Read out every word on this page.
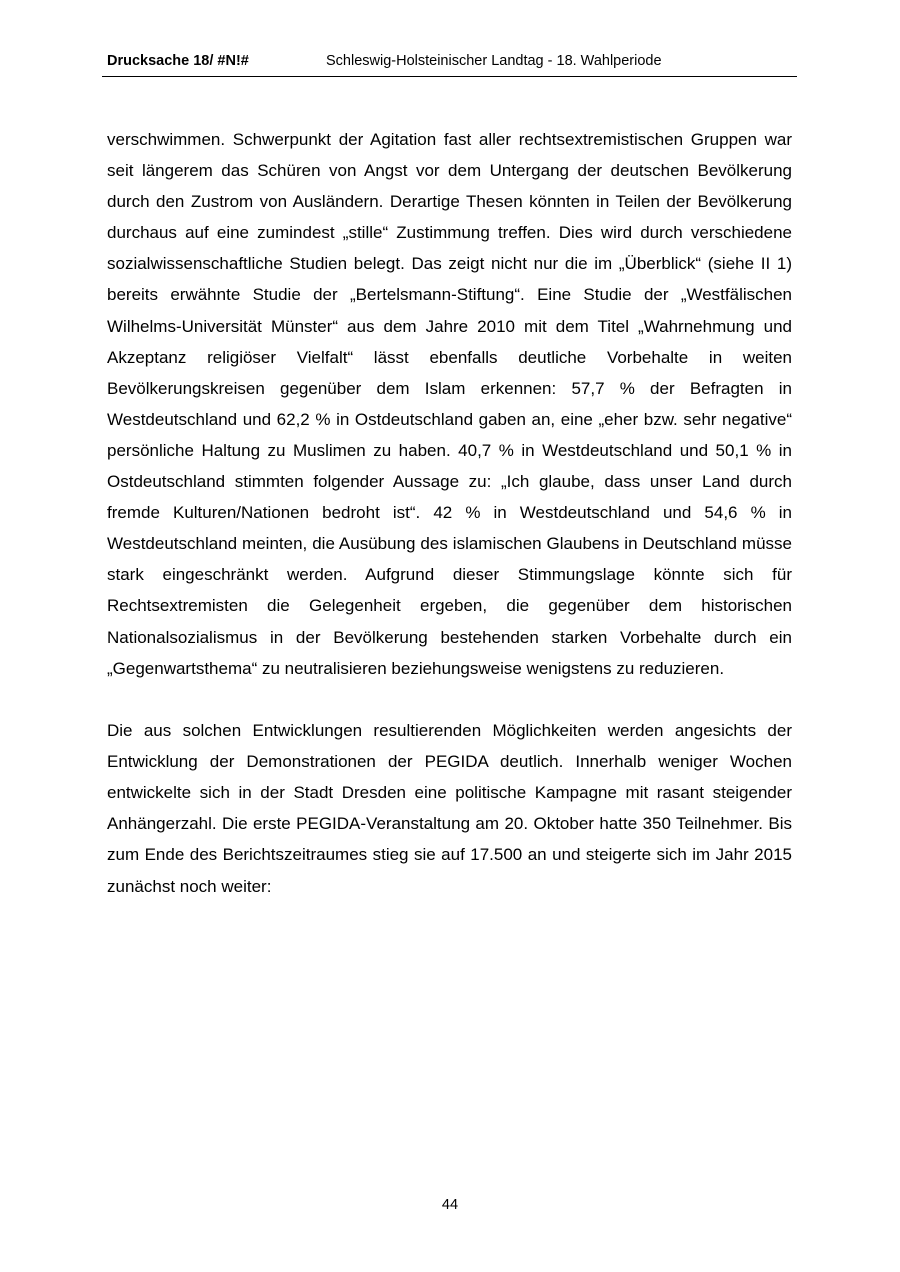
Drucksache 18/ #N!#	Schleswig-Holsteinischer Landtag - 18. Wahlperiode

verschwimmen. Schwerpunkt der Agitation fast aller rechtsextremistischen Gruppen war seit längerem das Schüren von Angst vor dem Untergang der deutschen Bevölkerung durch den Zustrom von Ausländern. Derartige Thesen könnten in Teilen der Bevölkerung durchaus auf eine zumindest „stille“ Zustimmung treffen. Dies wird durch verschiedene sozialwissenschaftliche Studien belegt. Das zeigt nicht nur die im „Überblick“ (siehe II 1) bereits erwähnte Studie der „Bertelsmann-Stiftung“. Eine Studie der „Westfälischen Wilhelms-Universität Münster“ aus dem Jahre 2010 mit dem Titel „Wahrnehmung und Akzeptanz religiöser Vielfalt“ lässt ebenfalls deutliche Vorbehalte in weiten Bevölkerungskreisen gegenüber dem Islam erkennen: 57,7 % der Befragten in Westdeutschland und 62,2 % in Ostdeutschland gaben an, eine „eher bzw. sehr negative“ persönliche Haltung zu Muslimen zu haben. 40,7 % in Westdeutschland und 50,1 % in Ostdeutschland stimmten folgender Aussage zu: „Ich glaube, dass unser Land durch fremde Kulturen/Nationen bedroht ist“. 42 % in Westdeutschland und 54,6 % in Westdeutschland meinten, die Ausübung des islamischen Glaubens in Deutschland müsse stark eingeschränkt werden. Aufgrund dieser Stimmungslage könnte sich für Rechtsextremisten die Gelegenheit ergeben, die gegenüber dem historischen Nationalsozialismus in der Bevölkerung bestehenden starken Vorbehalte durch ein „Gegenwartsthema“ zu neutralisieren beziehungsweise wenigstens zu reduzieren.

Die aus solchen Entwicklungen resultierenden Möglichkeiten werden angesichts der Entwicklung der Demonstrationen der PEGIDA deutlich. Innerhalb weniger Wochen entwickelte sich in der Stadt Dresden eine politische Kampagne mit rasant steigender Anhängerzahl. Die erste PEGIDA-Veranstaltung am 20. Oktober hatte 350 Teilnehmer. Bis zum Ende des Berichtszeitraumes stieg sie auf 17.500 an und steigerte sich im Jahr 2015 zunächst noch weiter:

44
